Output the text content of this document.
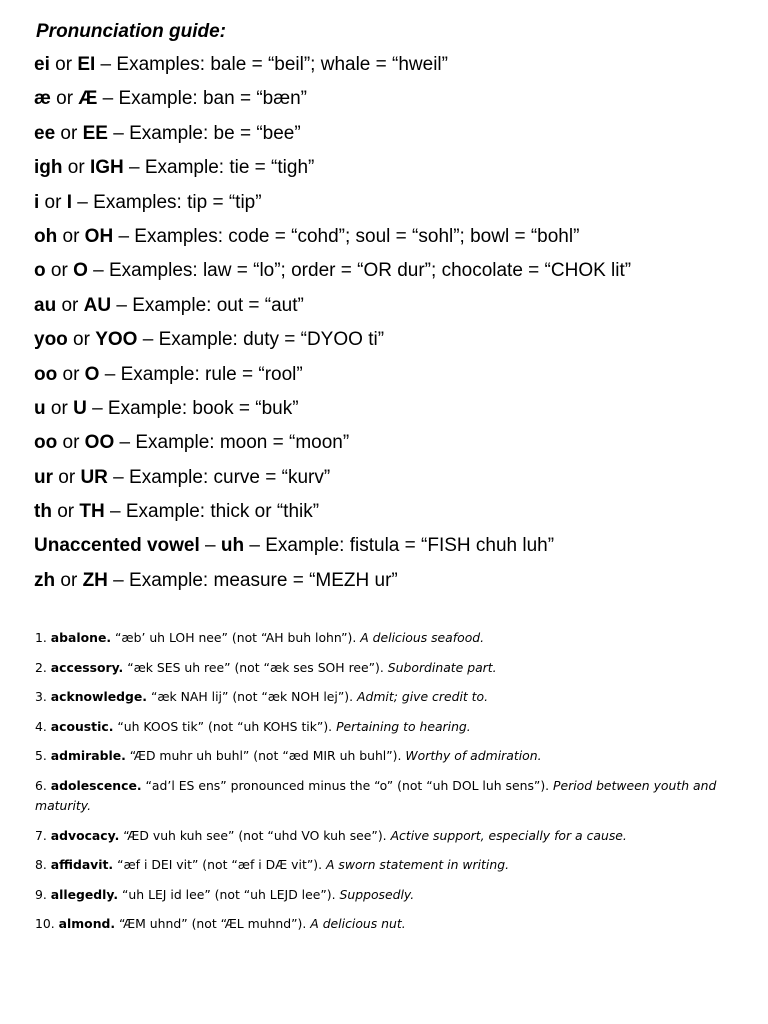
Pronunciation guide:
ei or EI – Examples: bale = “beil”; whale = “hweil”
æ or Æ – Example: ban = “bæn”
ee or EE – Example: be = “bee”
igh or IGH – Example: tie = “tigh”
i or I – Examples: tip = “tip”
oh or OH – Examples: code = “cohd”; soul = “sohl”; bowl = “bohl”
o or O – Examples: law = “lo”; order = “OR dur”; chocolate = “CHOK lit”
au or AU – Example: out = “aut”
yoo or YOO – Example: duty = “DYOO ti”
oo or O – Example: rule = “rool”
u or U – Example: book = “buk”
oo or OO – Example: moon = “moon”
ur or UR – Example: curve = “kurv”
th or TH – Example: thick or “thik”
Unaccented vowel – uh – Example: fistula = “FISH chuh luh”
zh or ZH – Example: measure = “MEZH ur”
1. abalone. “æb’ uh LOH nee” (not “AH buh lohn”). A delicious seafood.
2. accessory. “æk SES uh ree” (not “æk ses SOH ree”). Subordinate part.
3. acknowledge. “æk NAH lij” (not “æk NOH lej”). Admit; give credit to.
4. acoustic. “uh KOOS tik” (not “uh KOHS tik”). Pertaining to hearing.
5. admirable. “ÆD muhr uh buhl” (not “æd MIR uh buhl”). Worthy of admiration.
6. adolescence. “ad’l ES ens” pronounced minus the “o” (not “uh DOL luh sens”). Period between youth and maturity.
7. advocacy. “ÆD vuh kuh see” (not “uhd VO kuh see”). Active support, especially for a cause.
8. affidavit. “æf i DEI vit” (not “æf i DÆ vit”). A sworn statement in writing.
9. allegedly. “uh LEJ id lee” (not “uh LEJD lee”). Supposedly.
10. almond. “ÆM uhnd” (not “ÆL muhnd”). A delicious nut.
